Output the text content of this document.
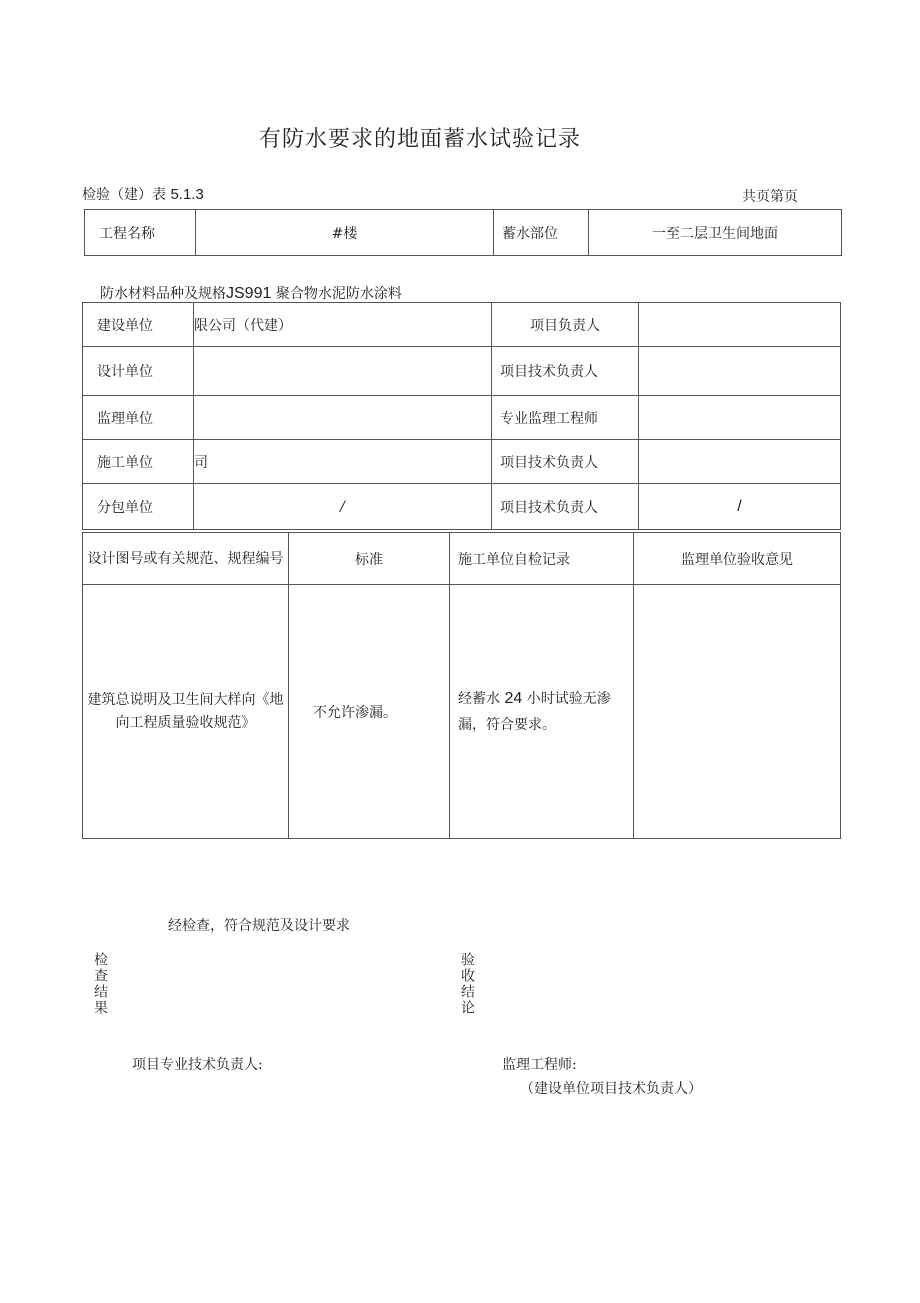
有防水要求的地面蓄水试验记录
检验（建）表 5.1.3	共页第页
工程名称	#楼	蓄水部位	一至二层卫生间地面
防水材料品种及规格JS991 聚合物水泥防水涂料
建设单位	限公司（代建）	项目负责人	
设计单位		项目技术负责人	
监理单位		专业监理工程师	
施工单位	司	项目技术负责人	
分包单位	/	项目技术负责人	/
设计图号或有关规范、规程编号	标准	施工单位自检记录	监理单位验收意见
建筑总说明及卫生间大样向《地向工程质量验收规范》	不允许渗漏。	经蓄水 24 小时试验无渗漏，符合要求。	
经检查，符合规范及设计要求
检查结果	验收结论
项目专业技术负责人:	监理工程师:
（建设单位项目技术负责人）
